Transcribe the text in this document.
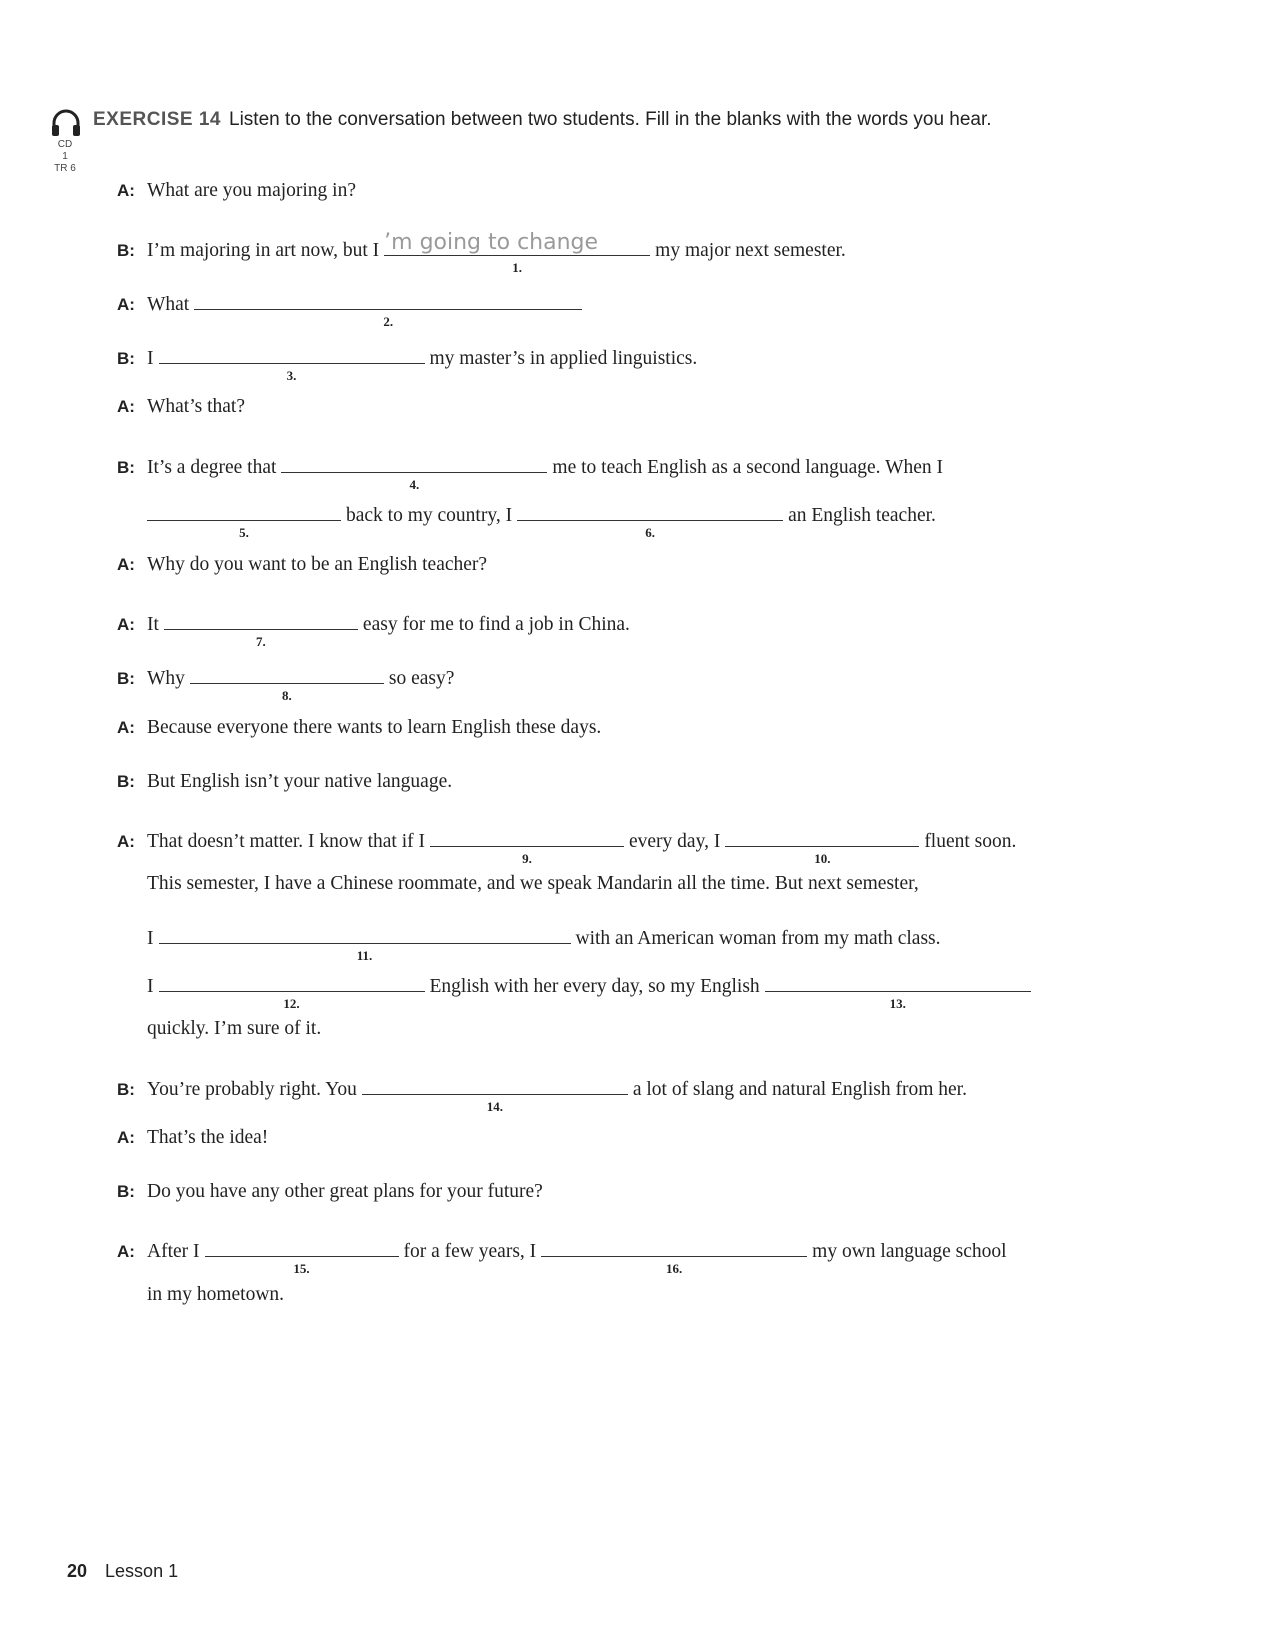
CD 1
TR 6
EXERCISE 14 Listen to the conversation between two students. Fill in the blanks with the words you hear.
A: What are you majoring in?
B: I’m majoring in art now, but I ’m going to change
1.
my major next semester.
A: What
2.
B: I
3.
my master’s in applied linguistics.
A: What’s that?
B: It’s a degree that
4.
me to teach English as a second language. When I
5.
back to my country, I
6.
an English teacher.
A: Why do you want to be an English teacher?
A: It
7.
easy for me to find a job in China.
B: Why
8.
so easy?
A: Because everyone there wants to learn English these days.
B: But English isn’t your native language.
A: That doesn’t matter. I know that if I
9.
every day, I
10.
fluent soon.
This semester, I have a Chinese roommate, and we speak Mandarin all the time. But next semester,
I
11.
with an American woman from my math class.
I
12.
English with her every day, so my English
13.
quickly. I’m sure of it.
B: You’re probably right. You
14.
a lot of slang and natural English from her.
A: That’s the idea!
B: Do you have any other great plans for your future?
A: After I
15.
for a few years, I
16.
my own language school
in my hometown.
20 Lesson 1
